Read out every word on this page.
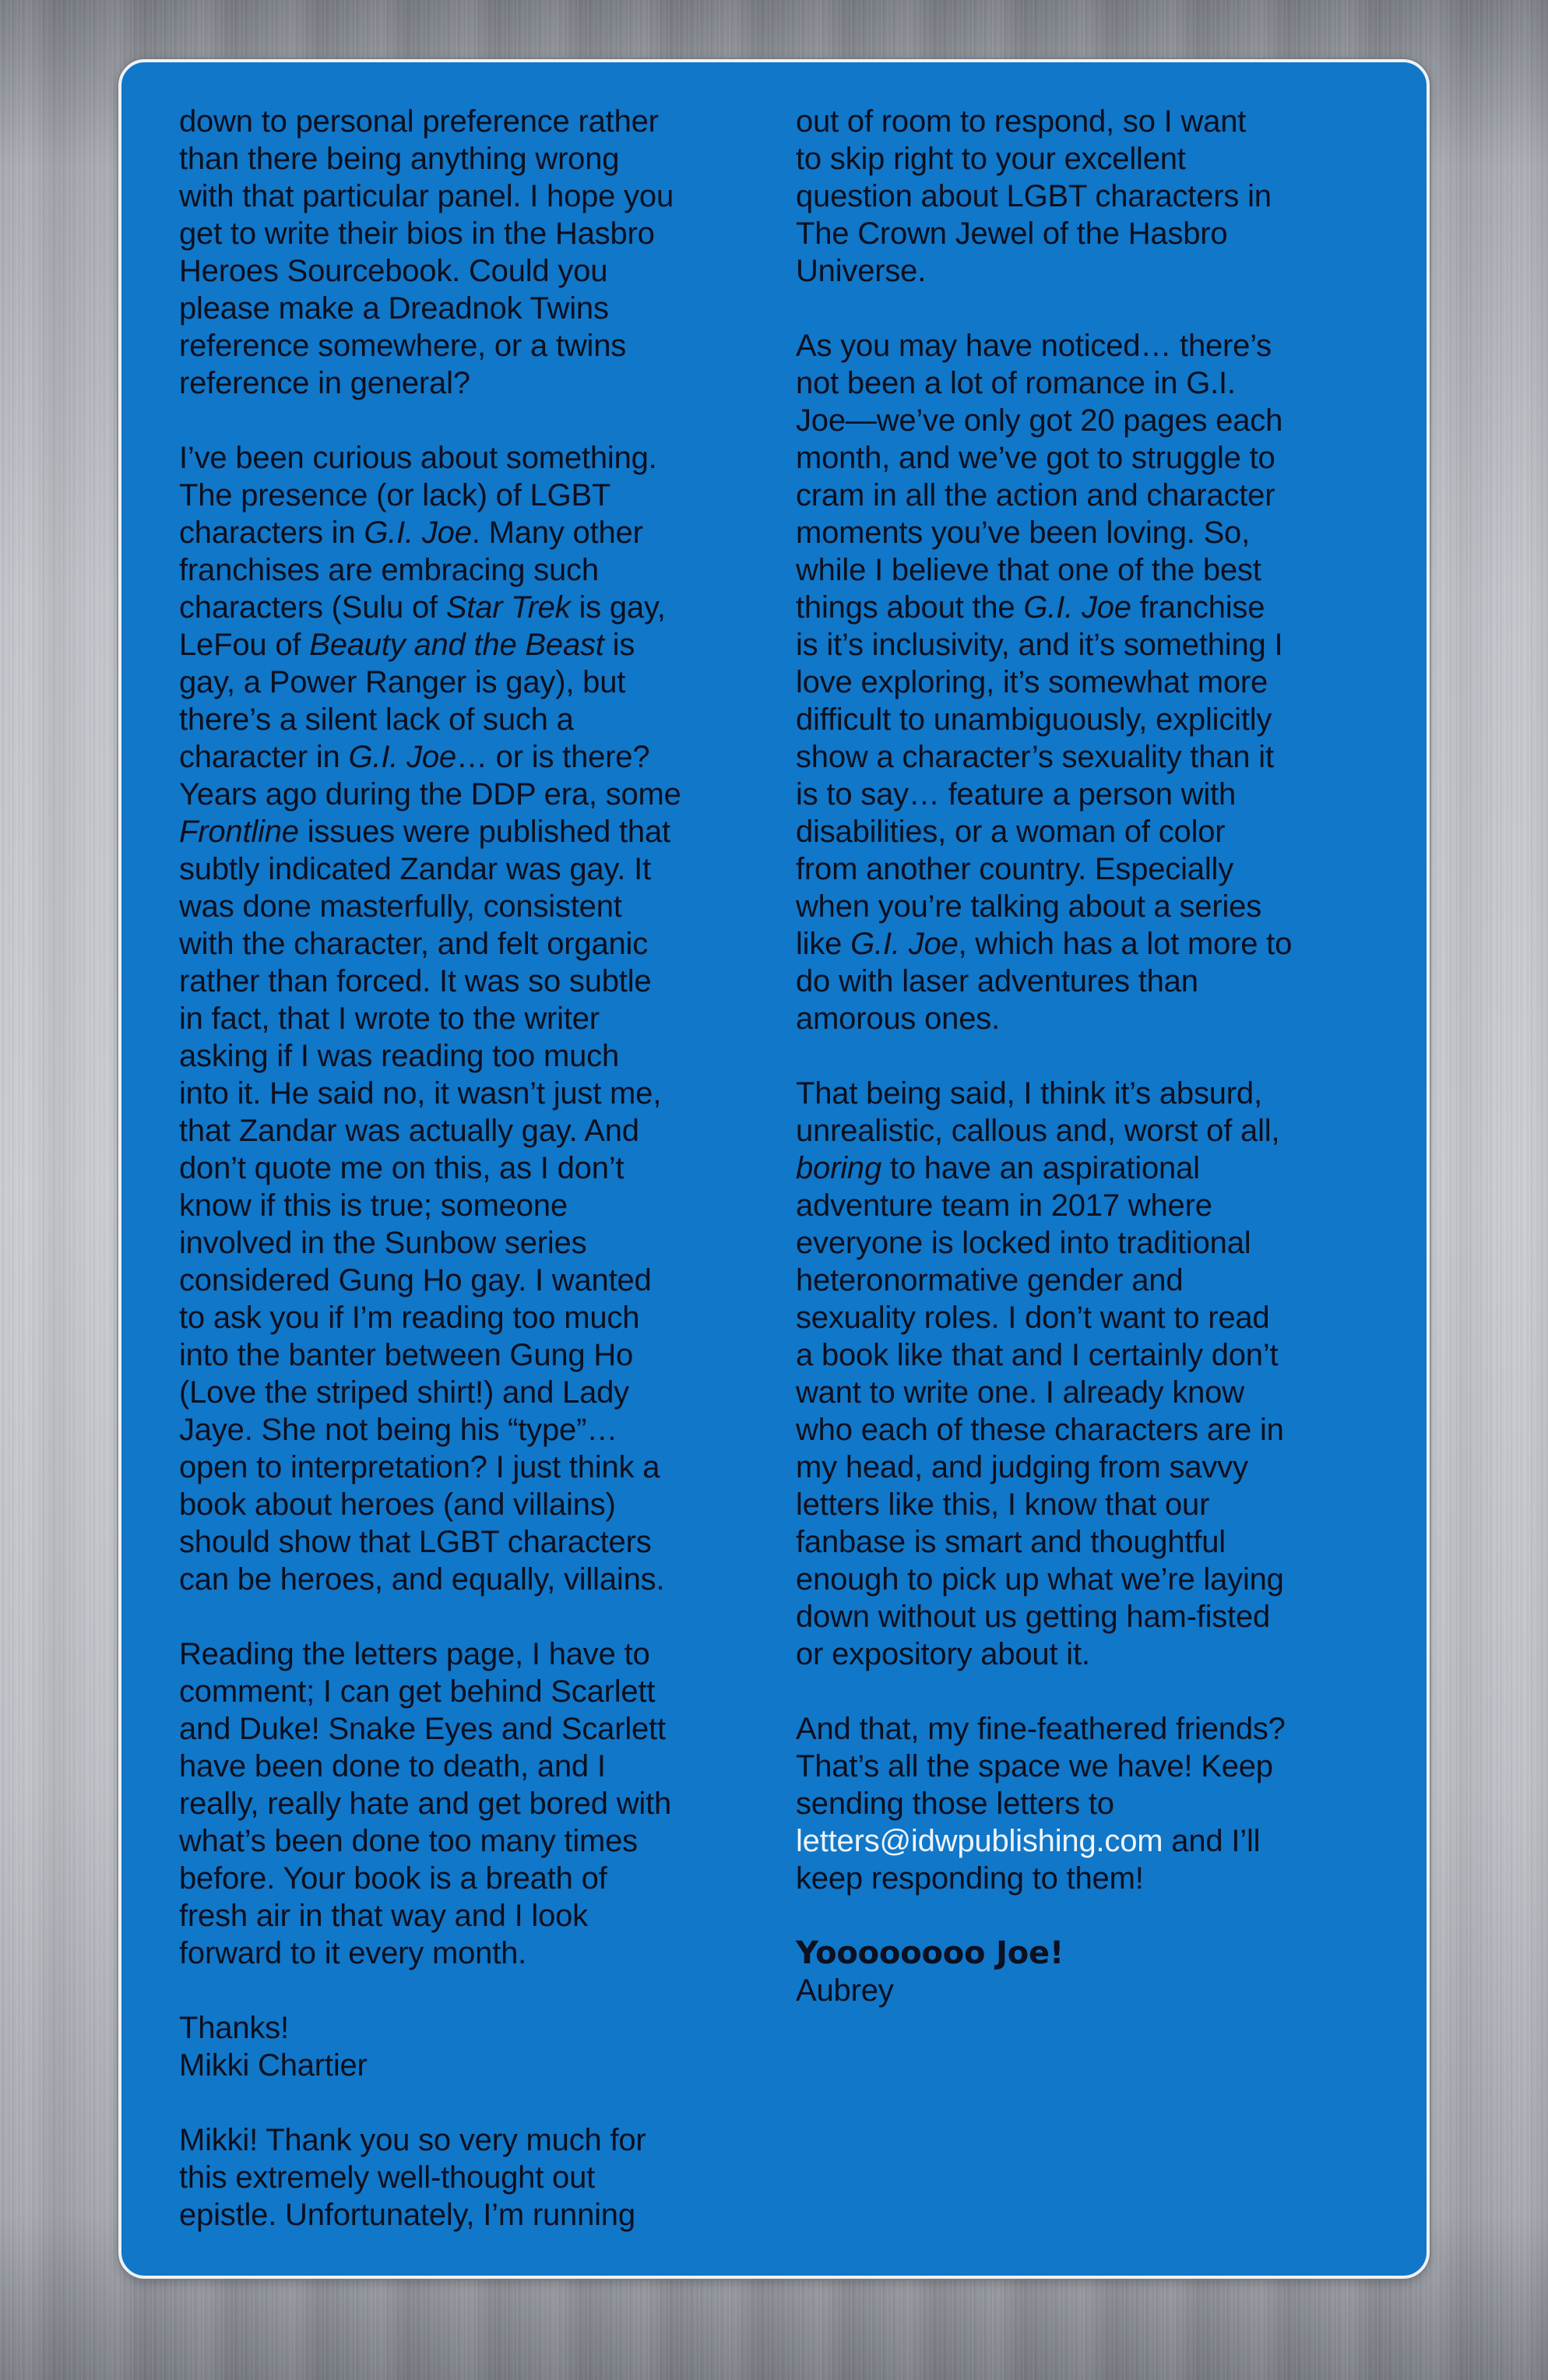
down to personal preference rather
than there being anything wrong
with that particular panel. I hope you
get to write their bios in the Hasbro
Heroes Sourcebook. Could you
please make a Dreadnok Twins
reference somewhere, or a twins
reference in general?

I’ve been curious about something.
The presence (or lack) of LGBT
characters in G.I. Joe. Many other
franchises are embracing such
characters (Sulu of Star Trek is gay,
LeFou of Beauty and the Beast is
gay, a Power Ranger is gay), but
there’s a silent lack of such a
character in G.I. Joe… or is there?
Years ago during the DDP era, some
Frontline issues were published that
subtly indicated Zandar was gay. It
was done masterfully, consistent
with the character, and felt organic
rather than forced. It was so subtle
in fact, that I wrote to the writer
asking if I was reading too much
into it. He said no, it wasn’t just me,
that Zandar was actually gay. And
don’t quote me on this, as I don’t
know if this is true; someone
involved in the Sunbow series
considered Gung Ho gay. I wanted
to ask you if I’m reading too much
into the banter between Gung Ho
(Love the striped shirt!) and Lady
Jaye. She not being his “type”…
open to interpretation? I just think a
book about heroes (and villains)
should show that LGBT characters
can be heroes, and equally, villains.

Reading the letters page, I have to
comment; I can get behind Scarlett
and Duke! Snake Eyes and Scarlett
have been done to death, and I
really, really hate and get bored with
what’s been done too many times
before. Your book is a breath of
fresh air in that way and I look
forward to it every month.

Thanks!
Mikki Chartier

Mikki! Thank you so very much for
this extremely well-thought out
epistle. Unfortunately, I’m running

out of room to respond, so I want
to skip right to your excellent
question about LGBT characters in
The Crown Jewel of the Hasbro
Universe.

As you may have noticed… there’s
not been a lot of romance in G.I.
Joe—we’ve only got 20 pages each
month, and we’ve got to struggle to
cram in all the action and character
moments you’ve been loving. So,
while I believe that one of the best
things about the G.I. Joe franchise
is it’s inclusivity, and it’s something I
love exploring, it’s somewhat more
difficult to unambiguously, explicitly
show a character’s sexuality than it
is to say… feature a person with
disabilities, or a woman of color
from another country. Especially
when you’re talking about a series
like G.I. Joe, which has a lot more to
do with laser adventures than
amorous ones.

That being said, I think it’s absurd,
unrealistic, callous and, worst of all,
boring to have an aspirational
adventure team in 2017 where
everyone is locked into traditional
heteronormative gender and
sexuality roles. I don’t want to read
a book like that and I certainly don’t
want to write one. I already know
who each of these characters are in
my head, and judging from savvy
letters like this, I know that our
fanbase is smart and thoughtful
enough to pick up what we’re laying
down without us getting ham-fisted
or expository about it.

And that, my fine-feathered friends?
That’s all the space we have! Keep
sending those letters to
letters@idwpublishing.com and I’ll
keep responding to them!

Yoooooooo Joe!
Aubrey
